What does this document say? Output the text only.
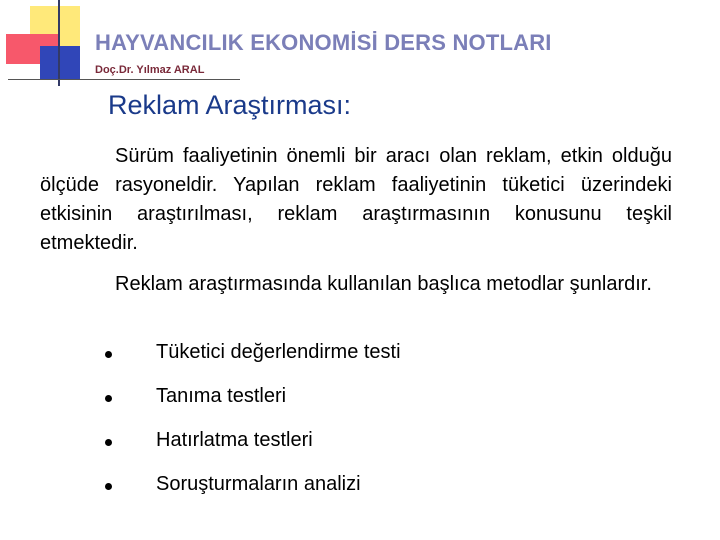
HAYVANCILIK EKONOMİSİ DERS NOTLARI
Doç.Dr. Yılmaz ARAL
Reklam Araştırması:

Sürüm faaliyetinin önemli bir aracı olan reklam, etkin olduğu ölçüde rasyoneldir. Yapılan reklam faaliyetinin tüketici üzerindeki etkisinin araştırılması, reklam araştırmasının konusunu teşkil etmektedir.

Reklam araştırmasında kullanılan başlıca metodlar şunlardır.

Tüketici değerlendirme testi
Tanıma testleri
Hatırlatma testleri
Soruşturmaların analizi
